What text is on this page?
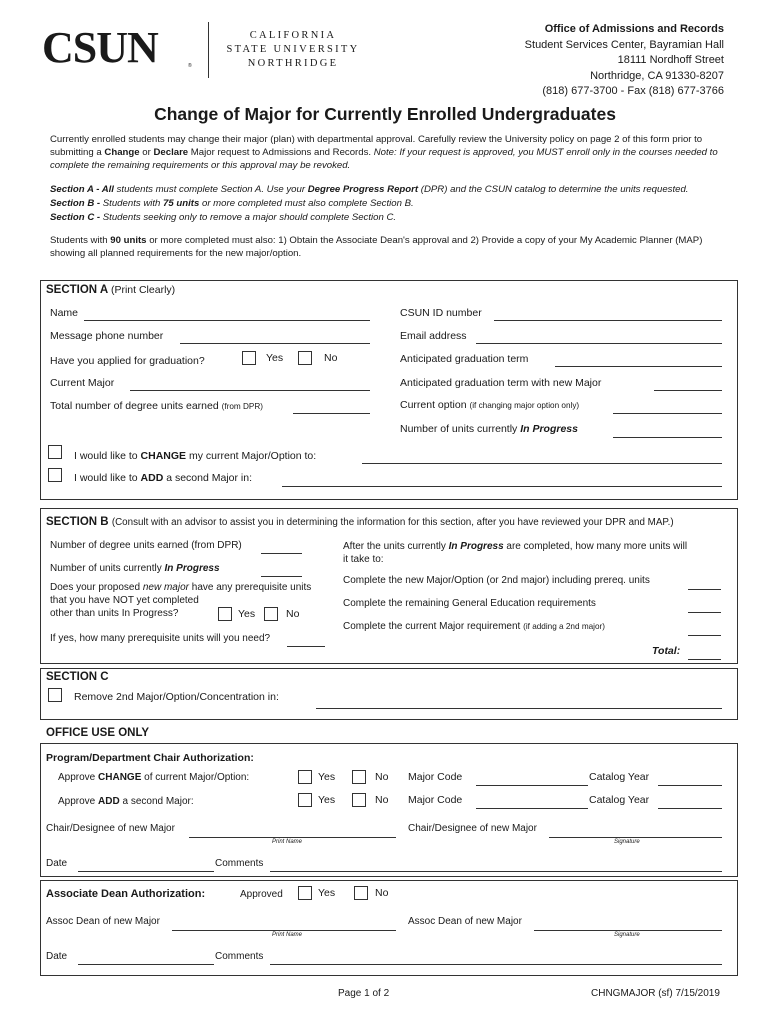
CSUN	®
CALIFORNIA
STATE UNIVERSITY
NORTHRIDGE
Office of Admissions and Records
Student Services Center, Bayramian Hall
18111 Nordhoff Street
Northridge, CA 91330-8207
(818) 677-3700 - Fax (818) 677-3766
Change of Major for Currently Enrolled Undergraduates
Currently enrolled students may change their major (plan) with departmental approval. Carefully review the University policy on page 2 of this form prior to submitting a Change or Declare Major request to Admissions and Records. Note: If your request is approved, you MUST enroll only in the courses needed to complete the remaining requirements or this approval may be revoked.
Section A - All students must complete Section A. Use your Degree Progress Report (DPR) and the CSUN catalog to determine the units requested.
Section B - Students with 75 units or more completed must also complete Section B.
Section C - Students seeking only to remove a major should complete Section C.
Students with 90 units or more completed must also: 1) Obtain the Associate Dean's approval and 2) Provide a copy of your My Academic Planner (MAP) showing all planned requirements for the new major/option.
SECTION A (Print Clearly)
Name	CSUN ID number
Message phone number	Email address
Have you applied for graduation?	Yes	No	Anticipated graduation term
Current Major	Anticipated graduation term with new Major
Total number of degree units earned (from DPR)	Current option (if changing major option only)
Number of units currently In Progress
I would like to CHANGE my current Major/Option to:
I would like to ADD a second Major in:
SECTION B (Consult with an advisor to assist you in determining the information for this section, after you have reviewed your DPR and MAP.)
Number of degree units earned (from DPR)
Number of units currently In Progress
Does your proposed new major have any prerequisite units
that you have NOT yet completed
other than units In Progress?	Yes	No
If yes, how many prerequisite units will you need?
After the units currently In Progress are completed, how many more units will
it take to:
Complete the new Major/Option (or 2nd major) including prereq. units
Complete the remaining General Education requirements
Complete the current Major requirement (if adding a 2nd major)
Total:
SECTION C
Remove 2nd Major/Option/Concentration in:
OFFICE USE ONLY
Program/Department Chair Authorization:
Approve CHANGE of current Major/Option:	Yes	No Major Code	Catalog Year
Approve ADD a second Major:	Yes	No Major Code	Catalog Year
Chair/Designee of new Major
Print Name
Chair/Designee of new Major
Signature
Date	Comments
Associate Dean Authorization:	Approved	Yes	No
Assoc Dean of new Major
Print Name
Assoc Dean of new Major
Signature
Date	Comments
Page 1 of 2	CHNGMAJOR (sf) 7/15/2019
